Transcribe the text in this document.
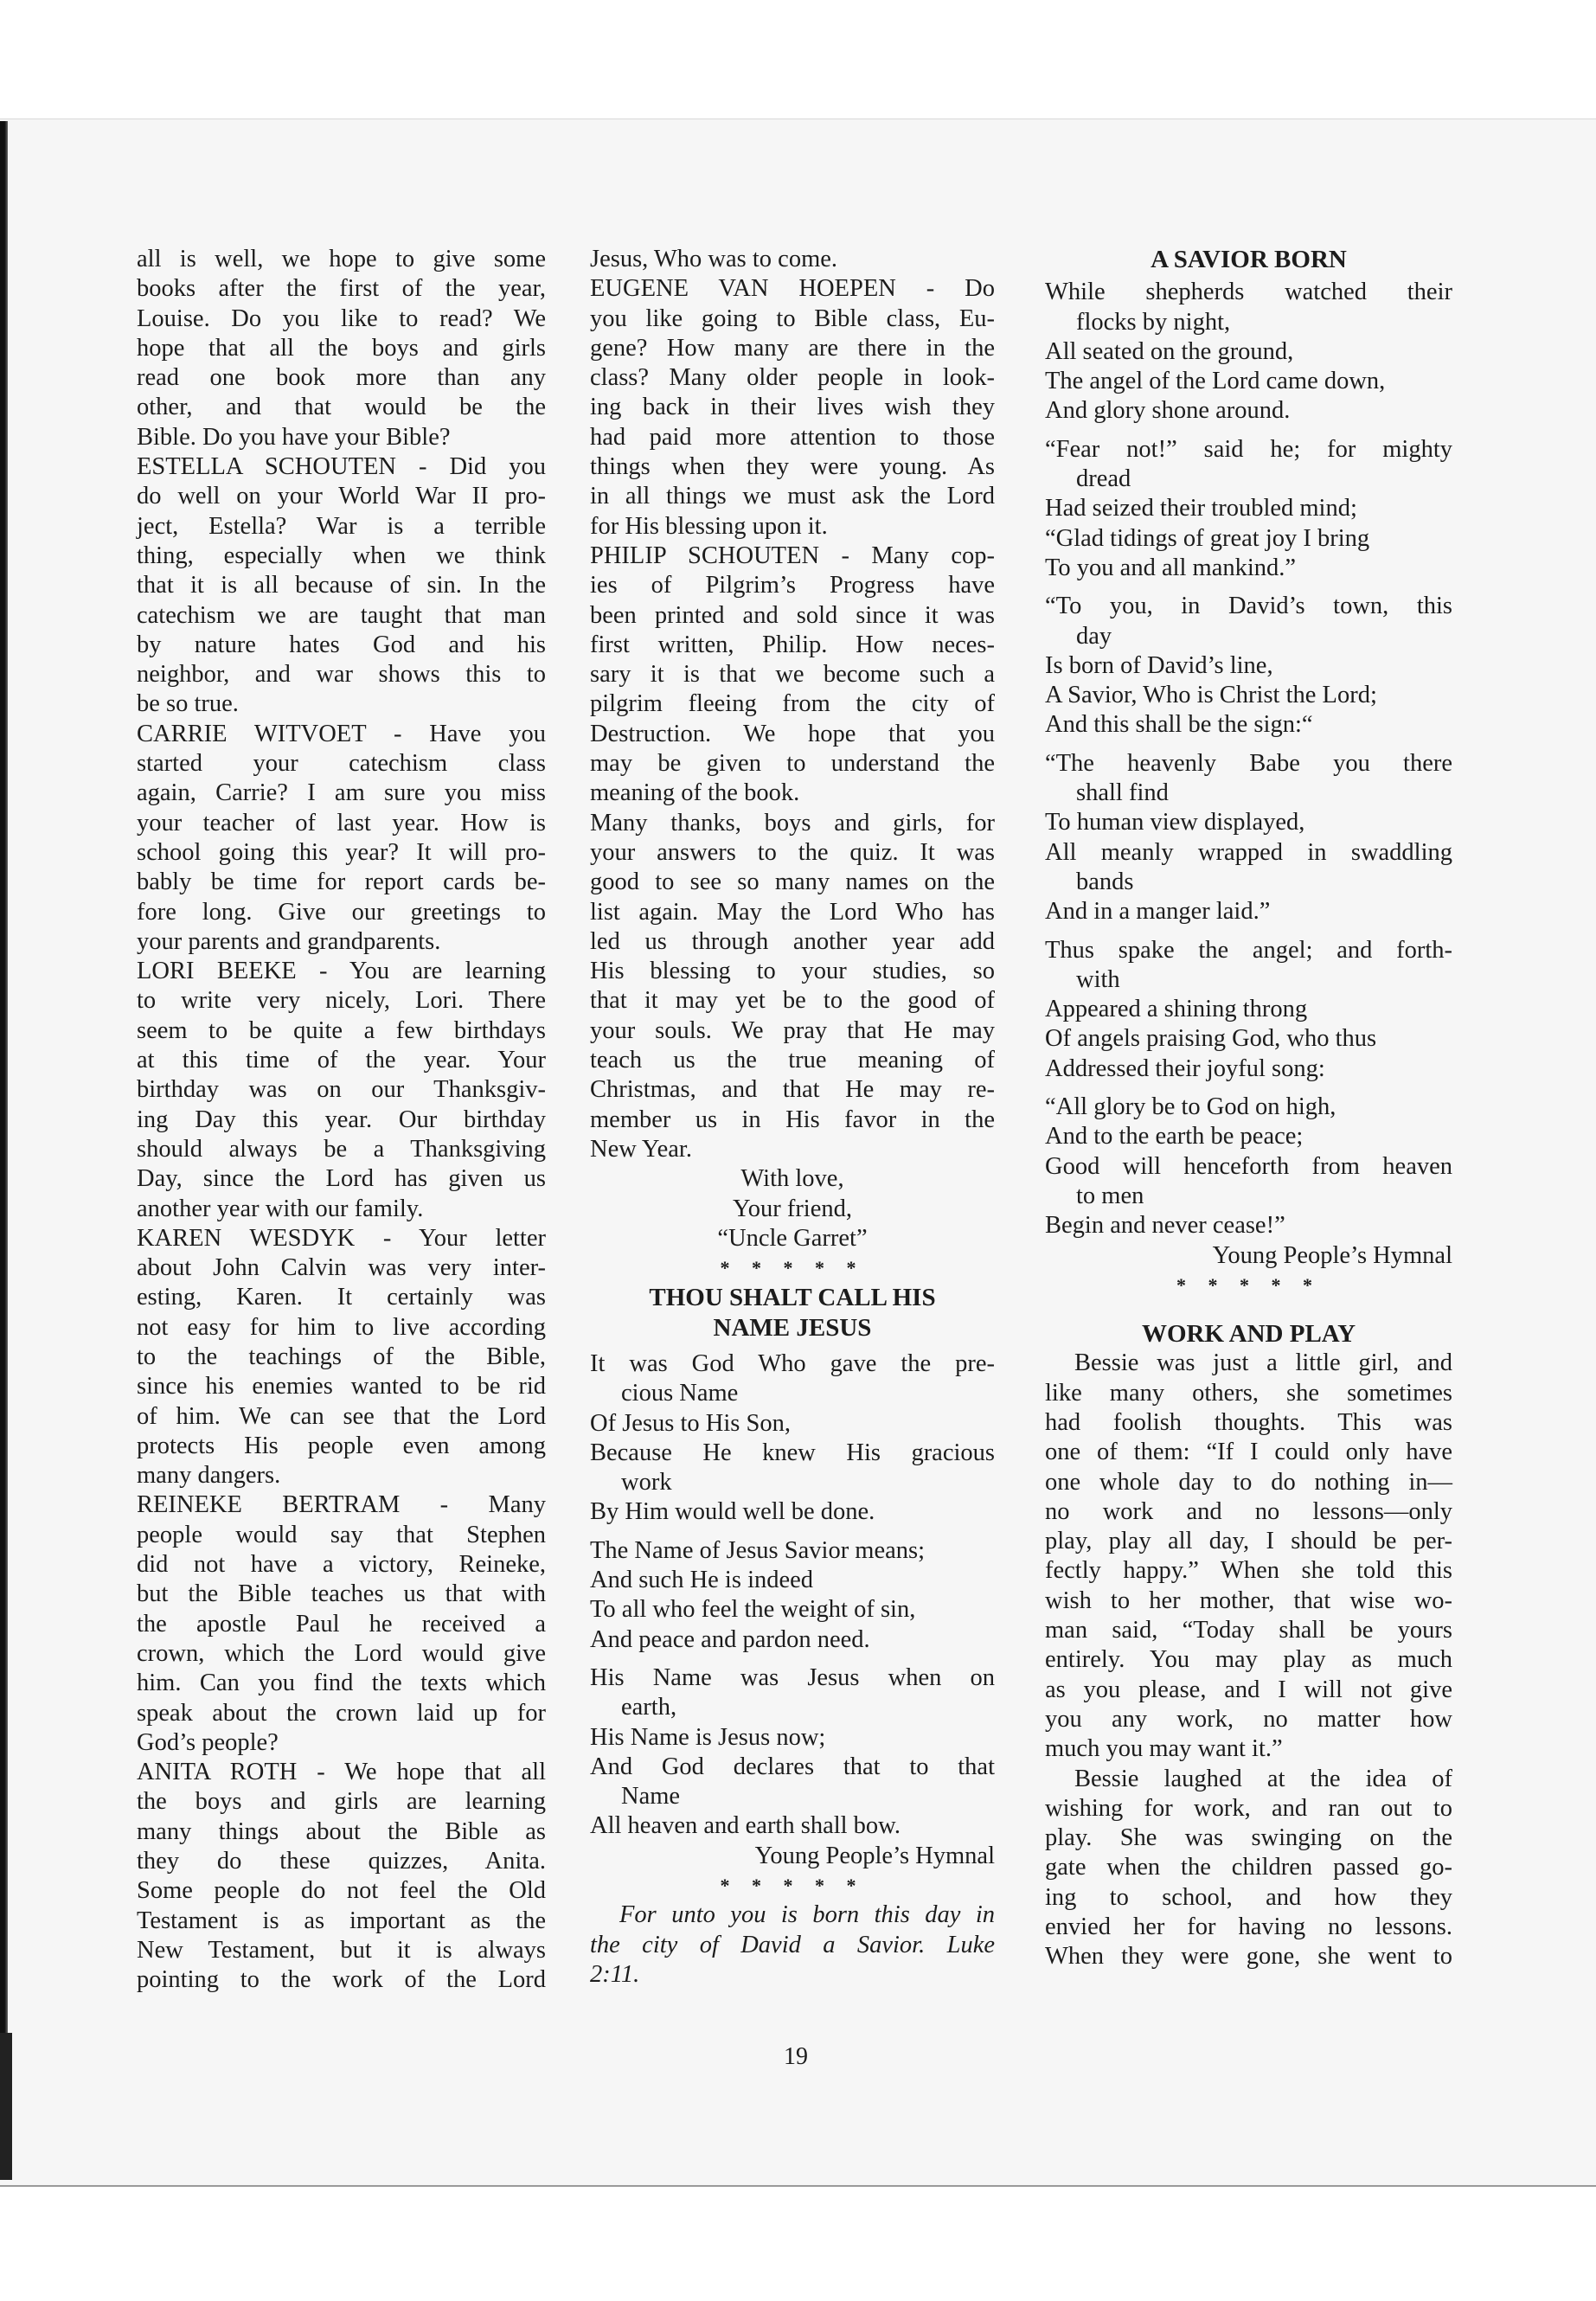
all is well, we hope to give some
books after the first of the year,
Louise. Do you like to read? We
hope that all the boys and girls
read one book more than any
other, and that would be the
Bible. Do you have your Bible?
ESTELLA SCHOUTEN - Did you
do well on your World War II pro-
ject, Estella? War is a terrible
thing, especially when we think
that it is all because of sin. In the
catechism we are taught that man
by nature hates God and his
neighbor, and war shows this to
be so true.
CARRIE WITVOET - Have you
started your catechism class
again, Carrie? I am sure you miss
your teacher of last year. How is
school going this year? It will pro-
bably be time for report cards be-
fore long. Give our greetings to
your parents and grandparents.
LORI BEEKE - You are learning
to write very nicely, Lori. There
seem to be quite a few birthdays
at this time of the year. Your
birthday was on our Thanksgiv-
ing Day this year. Our birthday
should always be a Thanksgiving
Day, since the Lord has given us
another year with our family.
KAREN WESDYK - Your letter
about John Calvin was very inter-
esting, Karen. It certainly was
not easy for him to live according
to the teachings of the Bible,
since his enemies wanted to be rid
of him. We can see that the Lord
protects His people even among
many dangers.
REINEKE BERTRAM - Many
people would say that Stephen
did not have a victory, Reineke,
but the Bible teaches us that with
the apostle Paul he received a
crown, which the Lord would give
him. Can you find the texts which
speak about the crown laid up for
God’s people?
ANITA ROTH - We hope that all
the boys and girls are learning
many things about the Bible as
they do these quizzes, Anita.
Some people do not feel the Old
Testament is as important as the
New Testament, but it is always
pointing to the work of the Lord
Jesus, Who was to come.
EUGENE VAN HOEPEN - Do
you like going to Bible class, Eu-
gene? How many are there in the
class? Many older people in look-
ing back in their lives wish they
had paid more attention to those
things when they were young. As
in all things we must ask the Lord
for His blessing upon it.
PHILIP SCHOUTEN - Many cop-
ies of Pilgrim’s Progress have
been printed and sold since it was
first written, Philip. How neces-
sary it is that we become such a
pilgrim fleeing from the city of
Destruction. We hope that you
may be given to understand the
meaning of the book.
Many thanks, boys and girls, for
your answers to the quiz. It was
good to see so many names on the
list again. May the Lord Who has
led us through another year add
His blessing to your studies, so
that it may yet be to the good of
your souls. We pray that He may
teach us the true meaning of
Christmas, and that He may re-
member us in His favor in the
New Year.
With love,
Your friend,
“Uncle Garret”
* * * * *
THOU SHALT CALL HIS
NAME JESUS
It was God Who gave the pre-
cious Name
Of Jesus to His Son,
Because He knew His gracious
work
By Him would well be done.
The Name of Jesus Savior means;
And such He is indeed
To all who feel the weight of sin,
And peace and pardon need.
His Name was Jesus when on
earth,
His Name is Jesus now;
And God declares that to that
Name
All heaven and earth shall bow.
Young People’s Hymnal
* * * * *
For unto you is born this day in
the city of David a Savior. Luke
2:11.
A SAVIOR BORN
While shepherds watched their
flocks by night,
All seated on the ground,
The angel of the Lord came down,
And glory shone around.
“Fear not!” said he; for mighty
dread
Had seized their troubled mind;
“Glad tidings of great joy I bring
To you and all mankind.”
“To you, in David’s town, this
day
Is born of David’s line,
A Savior, Who is Christ the Lord;
And this shall be the sign:“
“The heavenly Babe you there
shall find
To human view displayed,
All meanly wrapped in swaddling
bands
And in a manger laid.”
Thus spake the angel; and forth-
with
Appeared a shining throng
Of angels praising God, who thus
Addressed their joyful song:
“All glory be to God on high,
And to the earth be peace;
Good will henceforth from heaven
to men
Begin and never cease!”
Young People’s Hymnal
* * * * *
WORK AND PLAY
Bessie was just a little girl, and
like many others, she sometimes
had foolish thoughts. This was
one of them: “If I could only have
one whole day to do nothing in—
no work and no lessons—only
play, play all day, I should be per-
fectly happy.” When she told this
wish to her mother, that wise wo-
man said, “Today shall be yours
entirely. You may play as much
as you please, and I will not give
you any work, no matter how
much you may want it.”
Bessie laughed at the idea of
wishing for work, and ran out to
play. She was swinging on the
gate when the children passed go-
ing to school, and how they
envied her for having no lessons.
When they were gone, she went to
19
